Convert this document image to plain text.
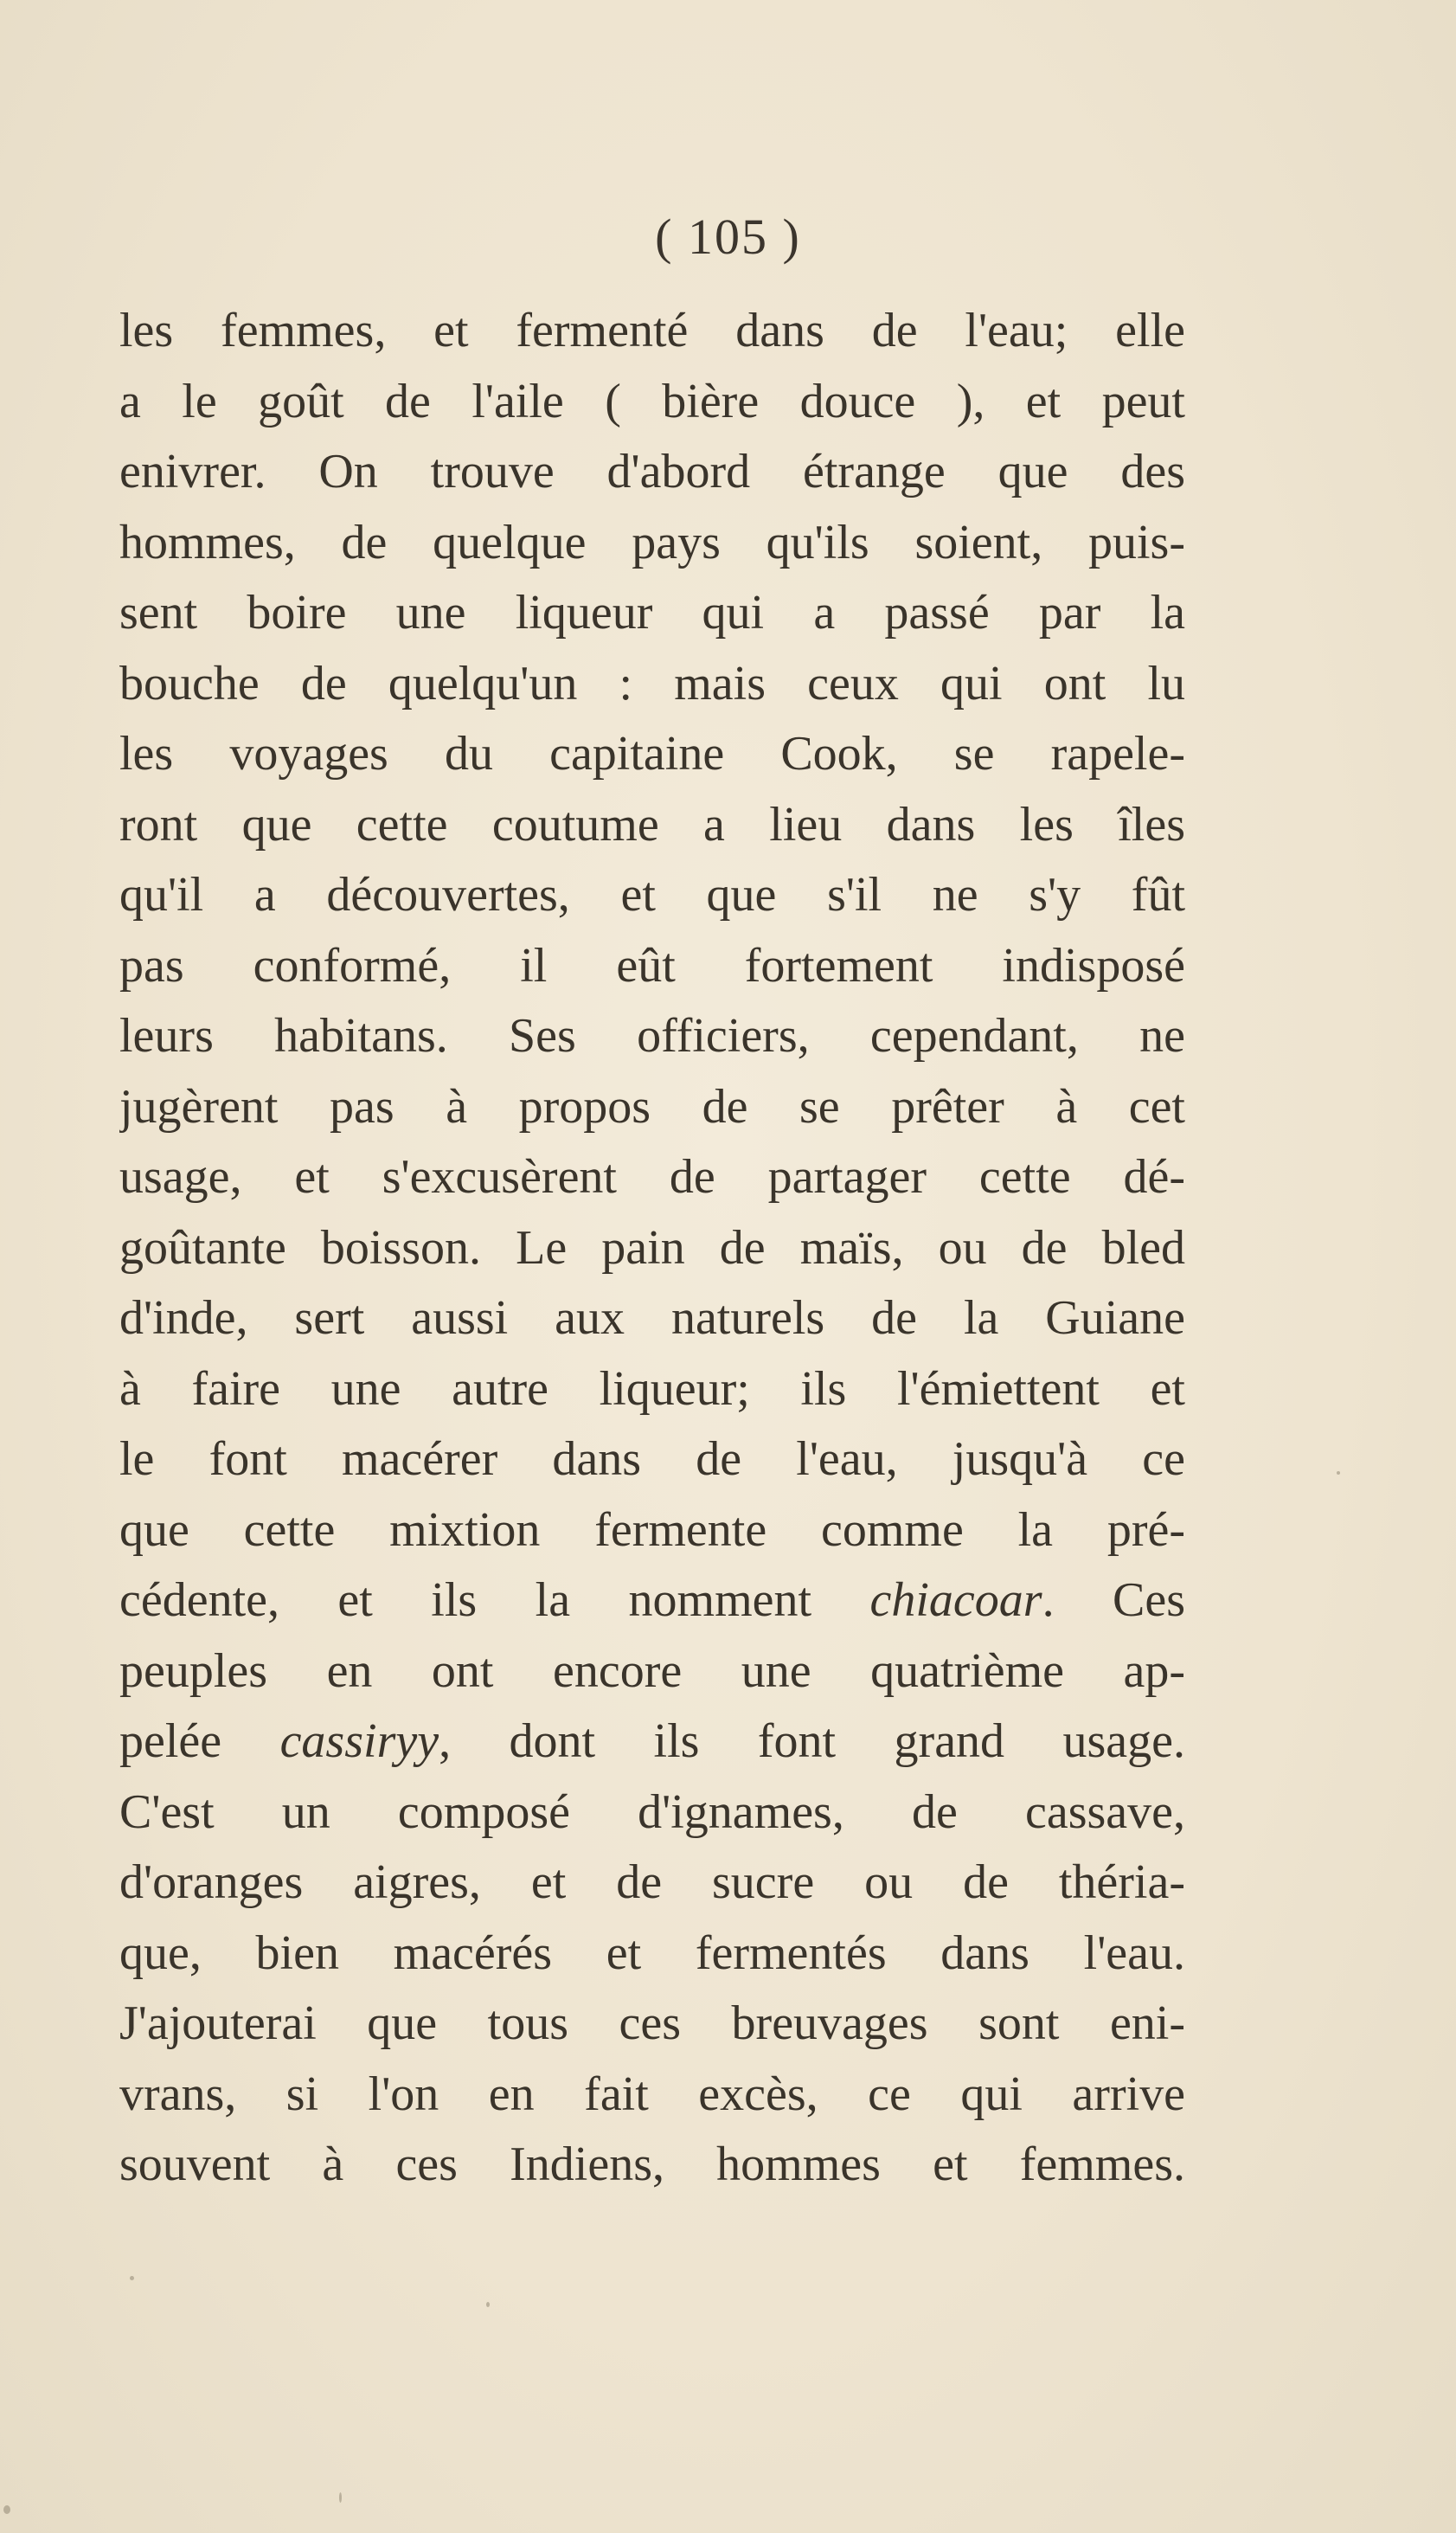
( 105 )
les femmes, et fermenté dans de l'eau; elle
a le goût de l'aile ( bière douce ), et peut
enivrer. On trouve d'abord étrange que des
hommes, de quelque pays qu'ils soient, puis-
sent boire une liqueur qui a passé par la
bouche de quelqu'un : mais ceux qui ont lu
les voyages du capitaine Cook, se rapele-
ront que cette coutume a lieu dans les îles
qu'il a découvertes, et que s'il ne s'y fût
pas conformé, il eût fortement indisposé
leurs habitans. Ses officiers, cependant, ne
jugèrent pas à propos de se prêter à cet
usage, et s'excusèrent de partager cette dé-
goûtante boisson. Le pain de maïs, ou de bled
d'inde, sert aussi aux naturels de la Guiane
à faire une autre liqueur; ils l'émiettent et
le font macérer dans de l'eau, jusqu'à ce
que cette mixtion fermente comme la pré-
cédente, et ils la nomment chiacoar. Ces
peuples en ont encore une quatrième ap-
pelée cassiryy, dont ils font grand usage.
C'est un composé d'ignames, de cassave,
d'oranges aigres, et de sucre ou de théria-
que, bien macérés et fermentés dans l'eau.
J'ajouterai que tous ces breuvages sont eni-
vrans, si l'on en fait excès, ce qui arrive
souvent à ces Indiens, hommes et femmes.
